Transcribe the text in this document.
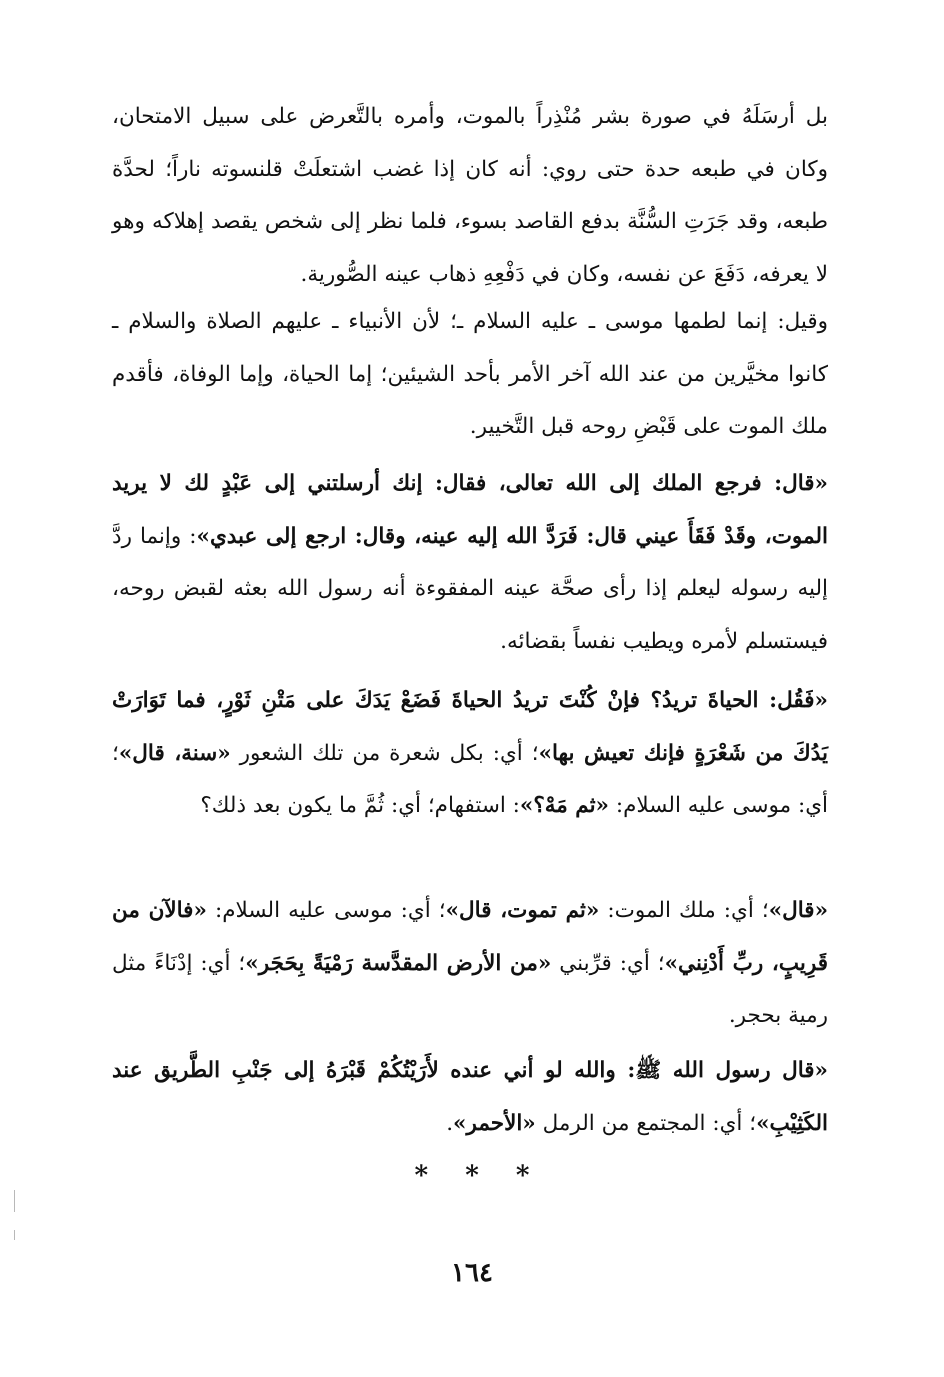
بل أرسَلَهُ في صورة بشر مُنْذِراً بالموت، وأمره بالتَّعرض على سبيل الامتحان، وكان في طبعه حدة حتى روي: أنه كان إذا غضب اشتعلَتْ قلنسوته ناراً؛ لحدَّة طبعه، وقد جَرَتِ السُّنَّة بدفع القاصد بسوء، فلما نظر إلى شخص يقصد إهلاكه وهو لا يعرفه، دَفَعَ عن نفسه، وكان في دَفْعِهِ ذهاب عينه الصُّورية.

وقيل: إنما لطمها موسى ـ عليه السلام ـ؛ لأن الأنبياء ـ عليهم الصلاة والسلام ـ كانوا مخيَّرين من عند الله آخر الأمر بأحد الشيئين؛ إما الحياة، وإما الوفاة، فأقدم ملك الموت على قَبْضِ روحه قبل التَّخيير.

«قال: فرجع الملك إلى الله تعالى، فقال: إنك أرسلتني إلى عَبْدٍ لك لا يريد الموت، وقَدْ فَقَأَ عيني قال: فَرَدَّ الله إليه عينه، وقال: ارجع إلى عبدي»: وإنما ردَّ إليه رسوله ليعلم إذا رأى صحَّة عينه المفقوءة أنه رسول الله بعثه لقبض روحه، فيستسلم لأمره ويطيب نفساً بقضائه.

«فَقُل: الحياةَ تريدُ؟ فإنْ كُنْتَ تريدُ الحياةَ فَضَعْ يَدَكَ على مَتْنِ ثَوْرٍ، فما تَوَارَتْ يَدُكَ من شَعْرَةٍ فإنك تعيش بها»؛ أي: بكل شعرة من تلك الشعور «سنة، قال»؛ أي: موسى عليه السلام: «ثم مَهْ؟»: استفهام؛ أي: ثُمَّ ما يكون بعد ذلك؟

«قال»؛ أي: ملك الموت: «ثم تموت، قال»؛ أي: موسى عليه السلام: «فالآن من قَرِيبٍ، ربِّ أَدْنِني»؛ أي: قرِّبني «من الأرض المقدَّسة رَمْيَةً بِحَجَر»؛ أي: إدْنَاءً مثل رمية بحجر.

«قال رسول الله ﷺ: والله لو أني عنده لأَرَيْتُكُمْ قَبْرَهُ إلى جَنْبِ الطَّريق عند الكَثِيْبِ»؛ أي: المجتمع من الرمل «الأحمر».

* * *
١٦٤
